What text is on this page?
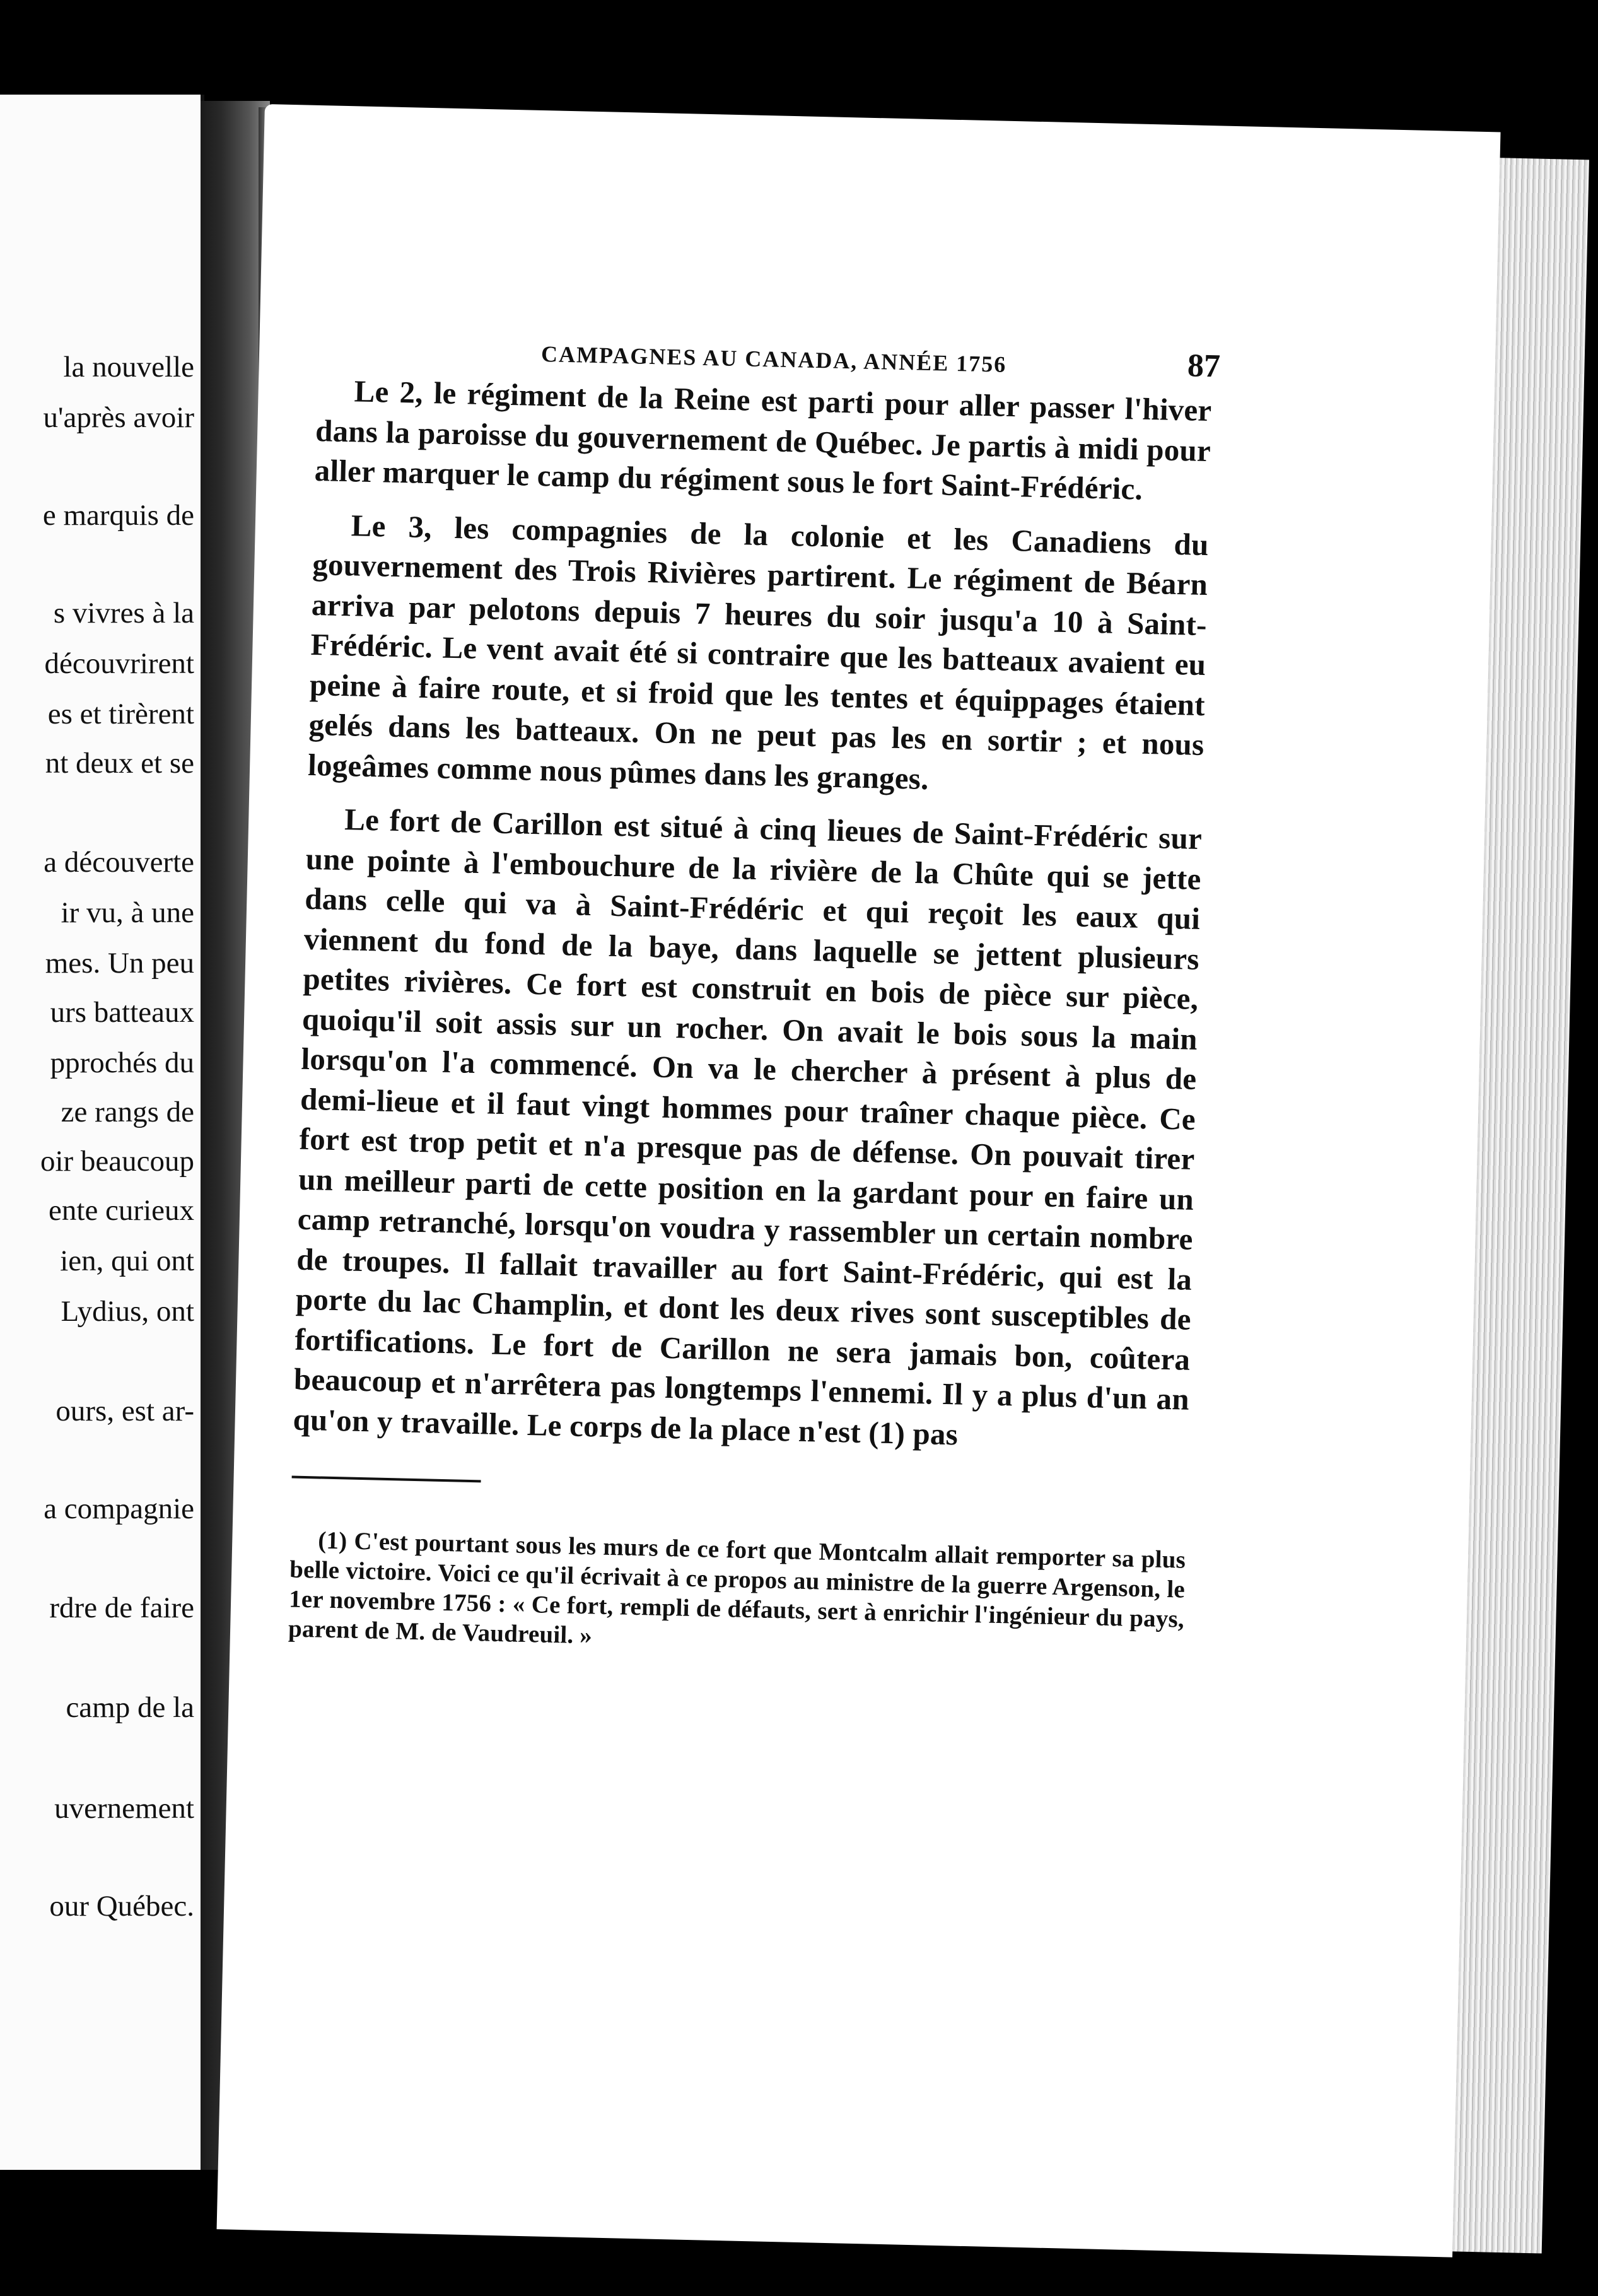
la nouvelle

u'après avoir

e marquis de

s vivres à la

découvrirent

es et tirèrent

nt deux et se

a découverte

ir vu, à une

mes. Un peu

urs batteaux

pprochés du

ze rangs de

oir beaucoup

ente curieux

ien, qui ont

Lydius, ont

ours, est ar-

a compagnie

rdre de faire

camp de la

uvernement

our Québec.

CAMPAGNES AU CANADA, ANNÉE 1756	87

Le 2, le régiment de la Reine est parti pour aller passer l'hiver dans la paroisse du gouvernement de Québec. Je partis à midi pour aller marquer le camp du régiment sous le fort Saint-Frédéric.

Le 3, les compagnies de la colonie et les Canadiens du gouvernement des Trois Rivières partirent. Le régiment de Béarn arriva par pelotons depuis 7 heures du soir jusqu'a 10 à Saint-Frédéric. Le vent avait été si contraire que les batteaux avaient eu peine à faire route, et si froid que les tentes et équippages étaient gelés dans les batteaux. On ne peut pas les en sortir ; et nous logeâmes comme nous pûmes dans les granges.

Le fort de Carillon est situé à cinq lieues de Saint-Frédéric sur une pointe à l'embouchure de la rivière de la Chûte qui se jette dans celle qui va à Saint-Frédéric et qui reçoit les eaux qui viennent du fond de la baye, dans laquelle se jettent plusieurs petites rivières. Ce fort est construit en bois de pièce sur pièce, quoiqu'il soit assis sur un rocher. On avait le bois sous la main lorsqu'on l'a commencé. On va le chercher à présent à plus de demi-lieue et il faut vingt hommes pour traîner chaque pièce. Ce fort est trop petit et n'a presque pas de défense. On pouvait tirer un meilleur parti de cette position en la gardant pour en faire un camp retranché, lorsqu'on voudra y rassembler un certain nombre de troupes. Il fallait travailler au fort Saint-Frédéric, qui est la porte du lac Champlin, et dont les deux rives sont susceptibles de fortifications. Le fort de Carillon ne sera jamais bon, coûtera beaucoup et n'arrêtera pas longtemps l'ennemi. Il y a plus d'un an qu'on y travaille. Le corps de la place n'est (1) pas

(1) C'est pourtant sous les murs de ce fort que Montcalm allait remporter sa plus belle victoire. Voici ce qu'il écrivait à ce propos au ministre de la guerre Argenson, le 1er novembre 1756 : « Ce fort, rempli de défauts, sert à enrichir l'ingénieur du pays, parent de M. de Vaudreuil. »
